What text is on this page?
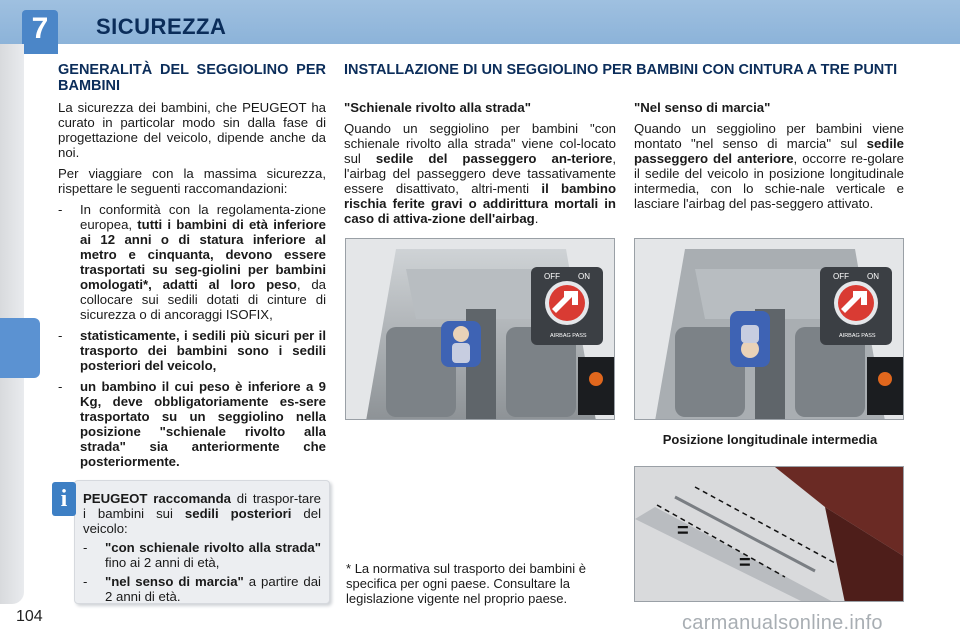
7	SICUREZZA
104
GENERALITÀ DEL SEGGIOLINO PER BAMBINI

La sicurezza dei bambini, che PEUGEOT ha curato in particolar modo sin dalla fase di progettazione del veicolo, dipende anche da noi.

Per viaggiare con la massima sicurezza, rispettare le seguenti raccomandazioni:

-	In conformità con la regolamenta-zione europea, tutti i bambini di età inferiore ai 12 anni o di statura inferiore al metro e cinquanta, devono essere trasportati su seg-giolini per bambini omologati*, adatti al loro peso, da collocare sui sedili dotati di cinture di sicurezza o di ancoraggi ISOFIX,
-	statisticamente, i sedili più sicuri per il trasporto dei bambini sono i sedili posteriori del veicolo,
-	un bambino il cui peso è inferiore a 9 Kg, deve obbligatoriamente es-sere trasportato su un seggiolino nella posizione "schienale rivolto alla strada" sia anteriormente che posteriormente.
PEUGEOT raccomanda di traspor-tare i bambini sui sedili posteriori del veicolo:
-	"con schienale rivolto alla strada" fino ai 2 anni di età,
-	"nel senso di marcia" a partire dai 2 anni di età.
i
INSTALLAZIONE DI UN SEGGIOLINO PER BAMBINI CON CINTURA A TRE PUNTI
"Schienale rivolto alla strada"

Quando un seggiolino per bambini "con schienale rivolto alla strada" viene col-locato sul sedile del passeggero an-teriore, l'airbag del passeggero deve tassativamente essere disattivato, altri-menti il bambino rischia ferite gravi o addirittura mortali in caso di attiva-zione dell'airbag.

"Nel senso di marcia"

Quando un seggiolino per bambini viene montato "nel senso di marcia" sul sedile passeggero del anteriore, occorre re-golare il sedile del veicolo in posizione longitudinale intermedia, con lo schie-nale verticale e lasciare l'airbag del pas-seggero attivato.

OFF ON
AIRBAG PASS
OFF ON
AIRBAG PASS
Posizione longitudinale intermedia
=
=
* La normativa sul trasporto dei bambini è specifica per ogni paese. Consultare la legislazione vigente nel proprio paese.
carmanualsonline.info
